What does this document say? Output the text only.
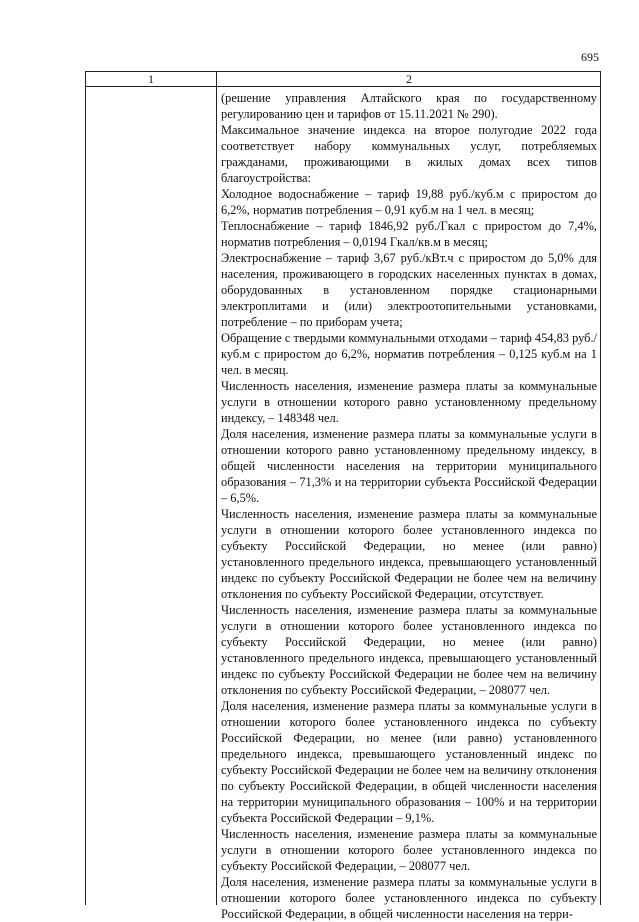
695
1	2

(решение управления Алтайского края по государственному регулированию цен и тарифов от 15.11.2021 № 290).

Максимальное значение индекса на второе полугодие 2022 года соответствует набору коммунальных услуг, потребляемых гражданами, проживающими в жилых домах всех типов благоустройства:

Холодное водоснабжение – тариф 19,88 руб./куб.м с приростом до 6,2%, норматив потребления – 0,91 куб.м на 1 чел. в месяц;

Теплоснабжение – тариф 1846,92 руб./Гкал с приростом до 7,4%, норматив потребления – 0,0194 Гкал/кв.м в месяц;

Электроснабжение – тариф 3,67 руб./кВт.ч с приростом до 5,0% для населения, проживающего в городских населенных пунктах в домах, оборудованных в установленном порядке стационарными электроплитами и (или) электроотопительными установками, потребление – по приборам учета;

Обращение с твердыми коммунальными отходами – тариф 454,83 руб./куб.м с приростом до 6,2%, норматив потребления – 0,125 куб.м на 1 чел. в месяц.

Численность населения, изменение размера платы за коммунальные услуги в отношении которого равно установленному предельному индексу, – 148348 чел.

Доля населения, изменение размера платы за коммунальные услуги в отношении которого равно установленному предельному индексу, в общей численности населения на территории муниципального образования – 71,3% и на территории субъекта Российской Федерации – 6,5%.

Численность населения, изменение размера платы за коммунальные услуги в отношении которого более установленного индекса по субъекту Российской Федерации, но менее (или равно) установленного предельного индекса, превышающего установленный индекс по субъекту Российской Федерации не более чем на величину отклонения по субъекту Российской Федерации, отсутствует.

Численность населения, изменение размера платы за коммунальные услуги в отношении которого более установленного индекса по субъекту Российской Федерации, но менее (или равно) установленного предельного индекса, превышающего установленный индекс по субъекту Российской Федерации не более чем на величину отклонения по субъекту Российской Федерации, – 208077 чел.

Доля населения, изменение размера платы за коммунальные услуги в отношении которого более установленного индекса по субъекту Российской Федерации, но менее (или равно) установленного предельного индекса, превышающего установленный индекс по субъекту Российской Федерации не более чем на величину отклонения по субъекту Российской Федерации, в общей численности населения на территории муниципального образования – 100% и на территории субъекта Российской Федерации – 9,1%.

Численность населения, изменение размера платы за коммунальные услуги в отношении которого более установленного индекса по субъекту Российской Федерации, – 208077 чел.

Доля населения, изменение размера платы за коммунальные услуги в отношении которого более установленного индекса по субъекту Российской Федерации, в общей численности населения на терри-
